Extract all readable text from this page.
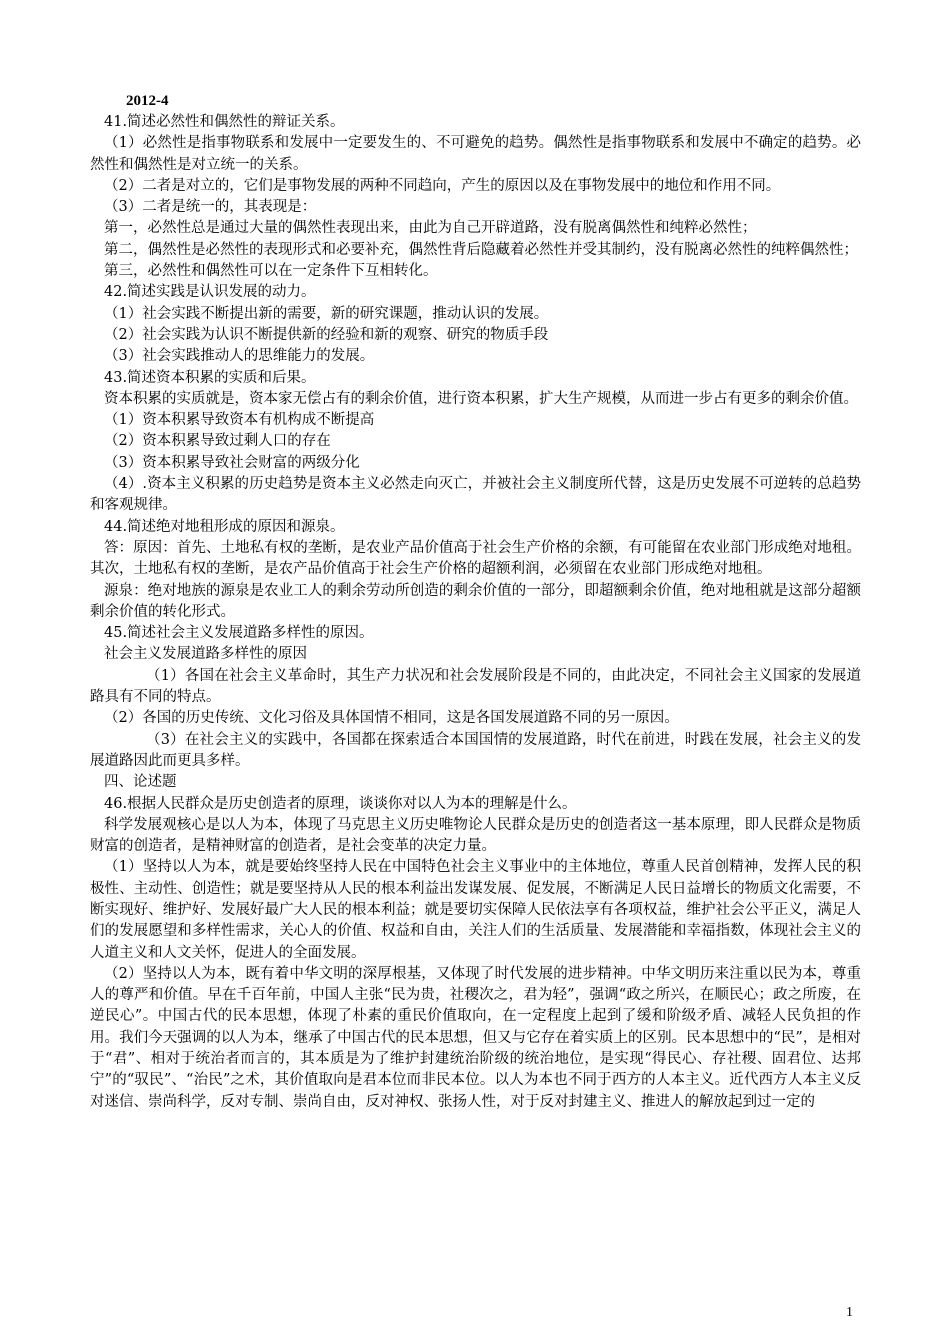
2012-4
41.简述必然性和偶然性的辩证关系。
（1）必然性是指事物联系和发展中一定要发生的、不可避免的趋势。偶然性是指事物联系和发展中不确定的趋势。必然性和偶然性是对立统一的关系。
（2）二者是对立的，它们是事物发展的两种不同趋向，产生的原因以及在事物发展中的地位和作用不同。
（3）二者是统一的，其表现是：
第一，必然性总是通过大量的偶然性表现出来，由此为自己开辟道路，没有脱离偶然性和纯粹必然性；
第二，偶然性是必然性的表现形式和必要补充，偶然性背后隐藏着必然性并受其制约，没有脱离必然性的纯粹偶然性；
第三，必然性和偶然性可以在一定条件下互相转化。
42.简述实践是认识发展的动力。
（1）社会实践不断提出新的需要，新的研究课题，推动认识的发展。
（2）社会实践为认识不断提供新的经验和新的观察、研究的物质手段
（3）社会实践推动人的思维能力的发展。
43.简述资本积累的实质和后果。
资本积累的实质就是，资本家无偿占有的剩余价值，进行资本积累，扩大生产规模，从而进一步占有更多的剩余价值。
（1）资本积累导致资本有机构成不断提高
（2）资本积累导致过剩人口的存在
（3）资本积累导致社会财富的两级分化
（4）.资本主义积累的历史趋势是资本主义必然走向灭亡，并被社会主义制度所代替，这是历史发展不可逆转的总趋势和客观规律。
44.简述绝对地租形成的原因和源泉。
答：原因：首先、土地私有权的垄断，是农业产品价值高于社会生产价格的余额，有可能留在农业部门形成绝对地租。其次，土地私有权的垄断，是农产品价值高于社会生产价格的超额利润，必须留在农业部门形成绝对地租。
源泉：绝对地族的源泉是农业工人的剩余劳动所创造的剩余价值的一部分，即超额剩余价值，绝对地租就是这部分超额剩余价值的转化形式。
45.简述社会主义发展道路多样性的原因。
社会主义发展道路多样性的原因
（1）各国在社会主义革命时，其生产力状况和社会发展阶段是不同的，由此决定，不同社会主义国家的发展道路具有不同的特点。
（2）各国的历史传统、文化习俗及具体国情不相同，这是各国发展道路不同的另一原因。
（3）在社会主义的实践中，各国都在探索适合本国国情的发展道路，时代在前进，时践在发展，社会主义的发展道路因此而更具多样。
四、论述题
46.根据人民群众是历史创造者的原理，谈谈你对以人为本的理解是什么。
科学发展观核心是以人为本，体现了马克思主义历史唯物论人民群众是历史的创造者这一基本原理，即人民群众是物质财富的创造者，是精神财富的创造者，是社会变革的决定力量。
（1）坚持以人为本，就是要始终坚持人民在中国特色社会主义事业中的主体地位，尊重人民首创精神，发挥人民的积极性、主动性、创造性；就是要坚持从人民的根本利益出发谋发展、促发展，不断满足人民日益增长的物质文化需要，不断实现好、维护好、发展好最广大人民的根本利益；就是要切实保障人民依法享有各项权益，维护社会公平正义，满足人们的发展愿望和多样性需求，关心人的价值、权益和自由，关注人们的生活质量、发展潜能和幸福指数，体现社会主义的人道主义和人文关怀，促进人的全面发展。
（2）坚持以人为本，既有着中华文明的深厚根基，又体现了时代发展的进步精神。中华文明历来注重以民为本，尊重人的尊严和价值。早在千百年前，中国人主张“民为贵，社稷次之，君为轻”，强调“政之所兴，在顺民心；政之所废，在逆民心”。中国古代的民本思想，体现了朴素的重民价值取向，在一定程度上起到了缓和阶级矛盾、减轻人民负担的作用。我们今天强调的以人为本，继承了中国古代的民本思想，但又与它存在着实质上的区别。民本思想中的“民”，是相对于“君”、相对于统治者而言的，其本质是为了维护封建统治阶级的统治地位，是实现“得民心、存社稷、固君位、达邦宁”的“驭民”、“治民”之术，其价值取向是君本位而非民本位。以人为本也不同于西方的人本主义。近代西方人本主义反对迷信、崇尚科学，反对专制、崇尚自由，反对神权、张扬人性，对于反对封建主义、推进人的解放起到过一定的
1
